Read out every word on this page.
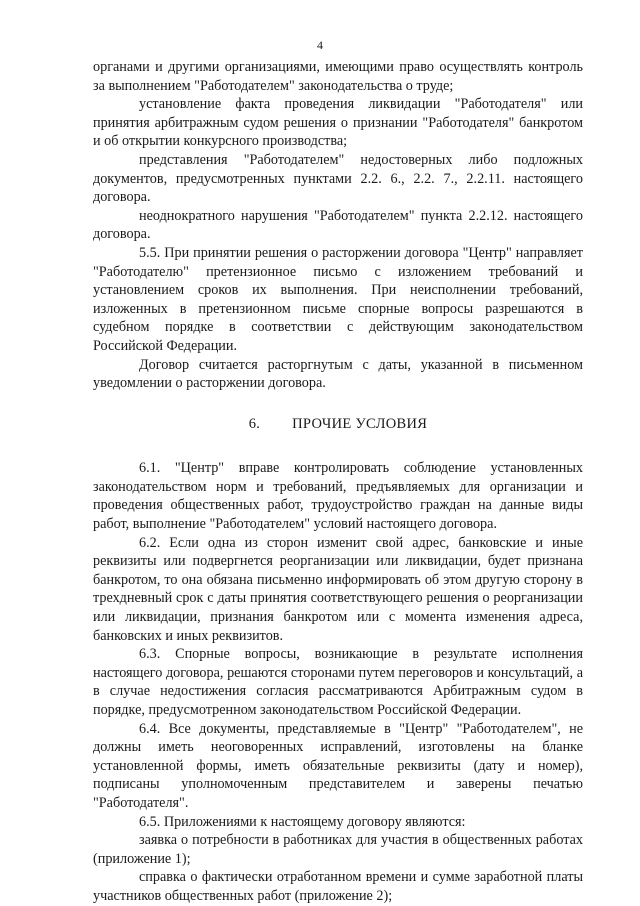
4

органами и другими организациями, имеющими право осуществлять контроль за выполнением "Работодателем" законодательства о труде;

установление факта проведения ликвидации "Работодателя" или принятия арбитражным судом решения о признании "Работодателя" банкротом и об открытии конкурсного производства;

представления "Работодателем" недостоверных либо подложных документов, предусмотренных пунктами 2.2. 6., 2.2. 7., 2.2.11. настоящего договора.

неоднократного нарушения "Работодателем" пункта 2.2.12. настоящего договора.

5.5. При принятии решения о расторжении договора "Центр" направляет "Работодателю" претензионное письмо с изложением требований и установлением сроков их выполнения. При неисполнении требований, изложенных в претензионном письме спорные вопросы разрешаются в судебном порядке в соответствии с действующим законодательством Российской Федерации.

Договор считается расторгнутым с даты, указанной в письменном уведомлении о расторжении договора.

6. ПРОЧИЕ УСЛОВИЯ

6.1. "Центр" вправе контролировать соблюдение установленных законодательством норм и требований, предъявляемых для организации и проведения общественных работ, трудоустройство граждан на данные виды работ, выполнение "Работодателем" условий настоящего договора.

6.2. Если одна из сторон изменит свой адрес, банковские и иные реквизиты или подвергнется реорганизации или ликвидации, будет признана банкротом, то она обязана письменно информировать об этом другую сторону в трехдневный срок с даты принятия соответствующего решения о реорганизации или ликвидации, признания банкротом или с момента изменения адреса, банковских и иных реквизитов.

6.3. Спорные вопросы, возникающие в результате исполнения настоящего договора, решаются сторонами путем переговоров и консультаций, а в случае недостижения согласия рассматриваются Арбитражным судом в порядке, предусмотренном законодательством Российской Федерации.

6.4. Все документы, представляемые в "Центр" "Работодателем", не должны иметь неоговоренных исправлений, изготовлены на бланке установленной формы, иметь обязательные реквизиты (дату и номер), подписаны уполномоченным представителем и заверены печатью "Работодателя".

6.5. Приложениями к настоящему договору являются:

заявка о потребности в работниках для участия в общественных работах (приложение 1);

справка о фактически отработанном времени и сумме заработной платы участников общественных работ (приложение 2);
